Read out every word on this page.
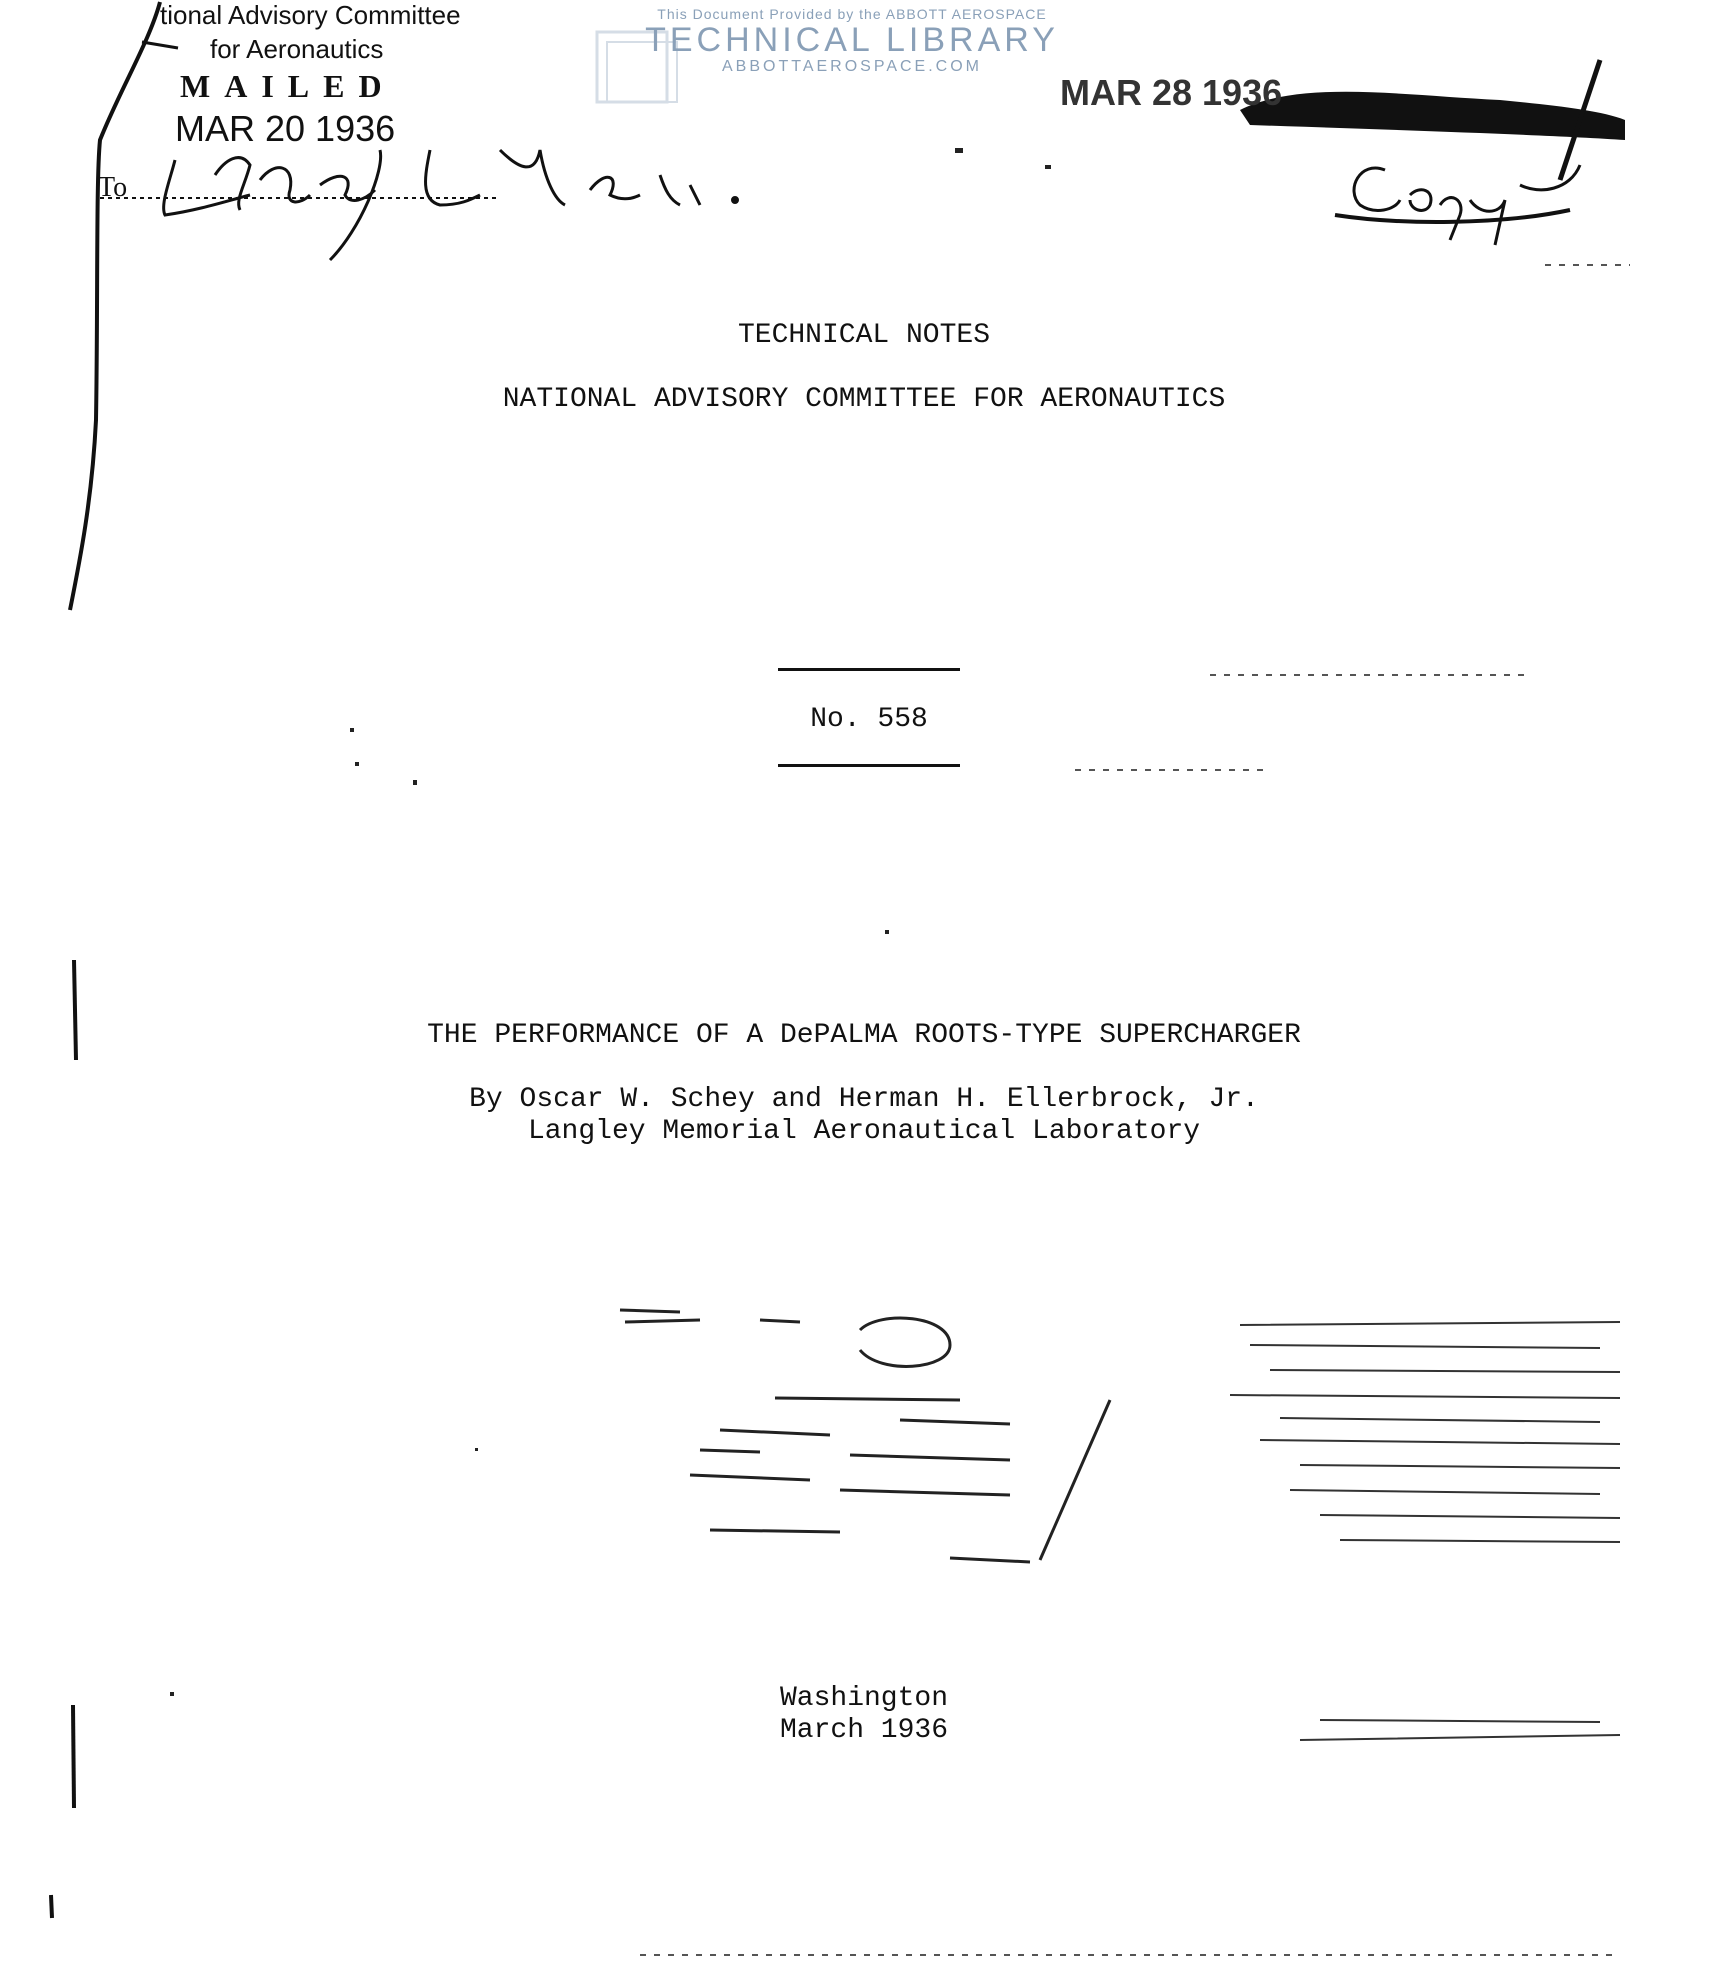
tional Advisory Committee
for Aeronautics
MAILED
MAR 20 1936
To
This Document Provided by the ABBOTT AEROSPACE
TECHNICAL LIBRARY
ABBOTTAEROSPACE.COM
MAR 28 1936
TECHNICAL NOTES
NATIONAL ADVISORY COMMITTEE FOR AERONAUTICS
No. 558
THE PERFORMANCE OF A DePALMA ROOTS-TYPE SUPERCHARGER
By Oscar W. Schey and Herman H. Ellerbrock, Jr.
Langley Memorial Aeronautical Laboratory
Washington
March 1936
